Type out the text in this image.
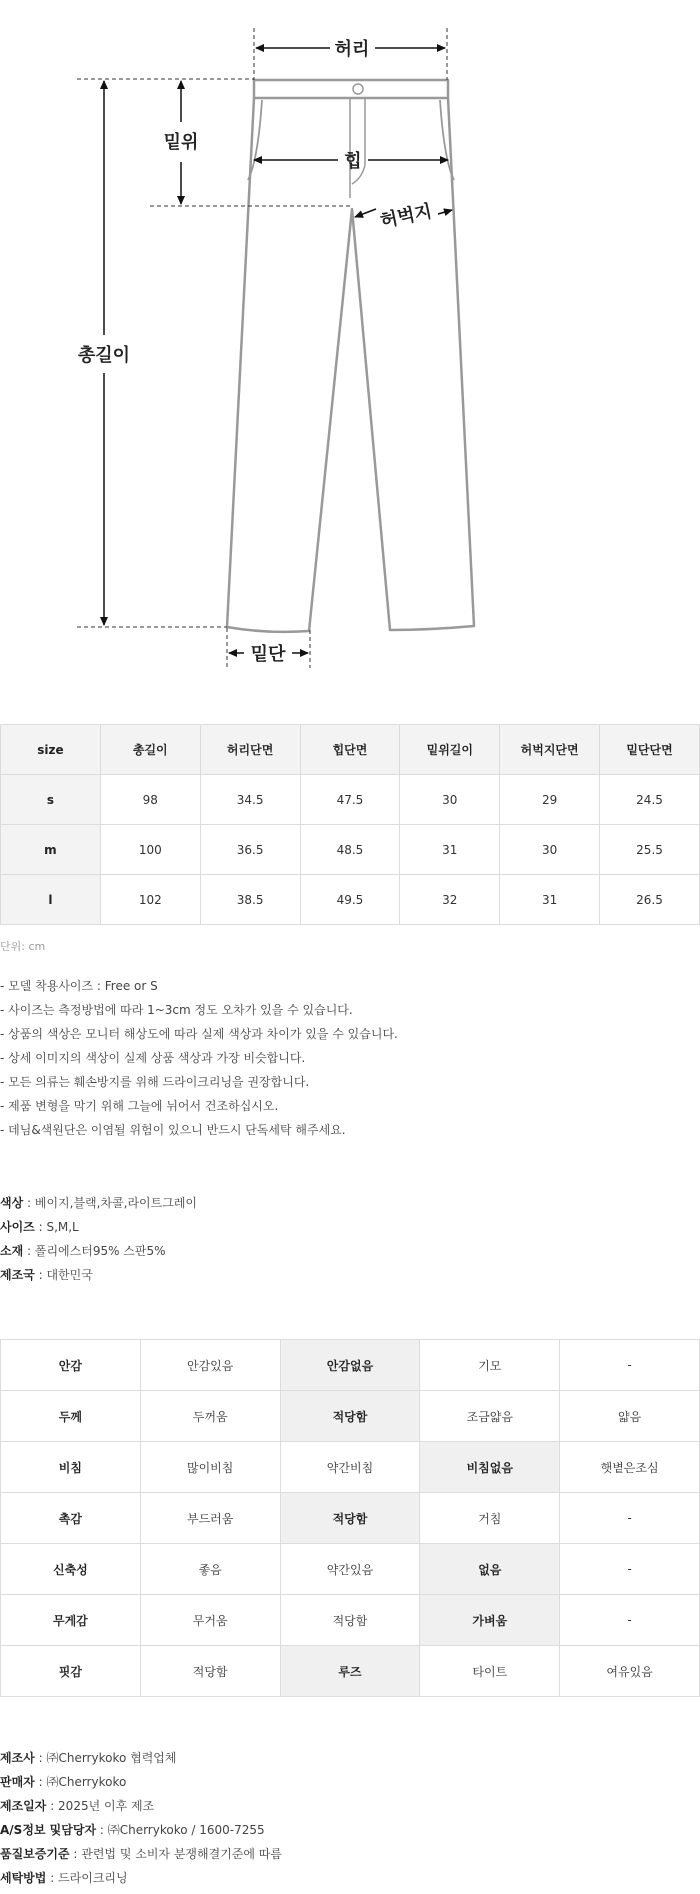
허리
밑위
힙
허벅지
총길이
밑단
size	총길이	허리단면	힙단면	밑위길이	허벅지단면	밑단단면
s	98	34.5	47.5	30	29	24.5
m	100	36.5	48.5	31	30	25.5
l	102	38.5	49.5	32	31	26.5
단위: cm
- 모델 착용사이즈 : Free or S
- 사이즈는 측정방법에 따라 1~3cm 정도 오차가 있을 수 있습니다.
- 상품의 색상은 모니터 해상도에 따라 실제 색상과 차이가 있을 수 있습니다.
- 상세 이미지의 색상이 실제 상품 색상과 가장 비슷합니다.
- 모든 의류는 훼손방지를 위해 드라이크리닝을 권장합니다.
- 제품 변형을 막기 위해 그늘에 뉘어서 건조하십시오.
- 데님&색원단은 이염될 위험이 있으니 반드시 단독세탁 해주세요.
색상 : 베이지,블랙,차콜,라이트그레이
사이즈 : S,M,L
소재 : 폴리에스터95% 스판5%
제조국 : 대한민국
안감	안감있음	안감없음	기모	-
두께	두꺼움	적당함	조금얇음	얇음
비침	많이비침	약간비침	비침없음	햇볕은조심
촉감	부드러움	적당함	거침	-
신축성	좋음	약간있음	없음	-
무게감	무거움	적당함	가벼움	-
핏감	적당함	루즈	타이트	여유있음
제조사 : ㈜Cherrykoko 협력업체
판매자 : ㈜Cherrykoko
제조일자 : 2025년 이후 제조
A/S정보 및담당자 : ㈜Cherrykoko / 1600-7255
품질보증기준 : 관련법 및 소비자 분쟁해결기준에 따름
세탁방법 : 드라이크리닝
